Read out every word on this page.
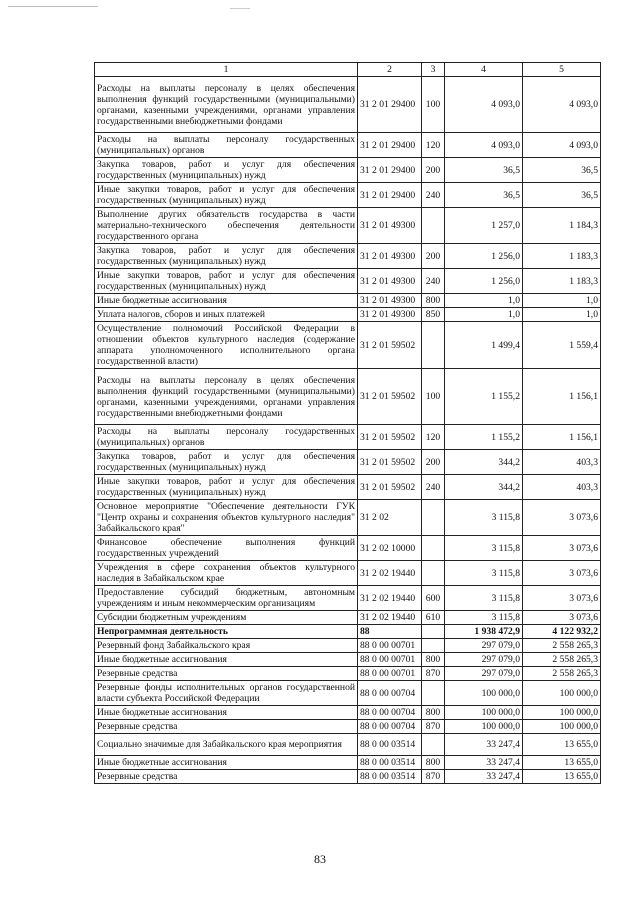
1	2	3	4	5
Расходы на выплаты персоналу в целях обеспечения выполнения функций государственными (муниципальными) органами, казенными учреждениями, органами управления государственными внебюджетными фондами	31 2 01 29400	100	4 093,0	4 093,0
Расходы на выплаты персоналу государственных (муниципальных) органов	31 2 01 29400	120	4 093,0	4 093,0
Закупка товаров, работ и услуг для обеспечения государственных (муниципальных) нужд	31 2 01 29400	200	36,5	36,5
Иные закупки товаров, работ и услуг для обеспечения государственных (муниципальных) нужд	31 2 01 29400	240	36,5	36,5
Выполнение других обязательств государства в части материально-технического обеспечения деятельности государственного органа	31 2 01 49300		1 257,0	1 184,3
Закупка товаров, работ и услуг для обеспечения государственных (муниципальных) нужд	31 2 01 49300	200	1 256,0	1 183,3
Иные закупки товаров, работ и услуг для обеспечения государственных (муниципальных) нужд	31 2 01 49300	240	1 256,0	1 183,3
Иные бюджетные ассигнования	31 2 01 49300	800	1,0	1,0
Уплата налогов, сборов и иных платежей	31 2 01 49300	850	1,0	1,0
Осуществление полномочий Российской Федерации в отношении объектов культурного наследия (содержание аппарата уполномоченного исполнительного органа государственной власти)	31 2 01 59502		1 499,4	1 559,4
Расходы на выплаты персоналу в целях обеспечения выполнения функций государственными (муниципальными) органами, казенными учреждениями, органами управления государственными внебюджетными фондами	31 2 01 59502	100	1 155,2	1 156,1
Расходы на выплаты персоналу государственных (муниципальных) органов	31 2 01 59502	120	1 155,2	1 156,1
Закупка товаров, работ и услуг для обеспечения государственных (муниципальных) нужд	31 2 01 59502	200	344,2	403,3
Иные закупки товаров, работ и услуг для обеспечения государственных (муниципальных) нужд	31 2 01 59502	240	344,2	403,3
Основное мероприятие "Обеспечение деятельности ГУК "Центр охраны и сохранения объектов культурного наследия" Забайкальского края"	31 2 02		3 115,8	3 073,6
Финансовое обеспечение выполнения функций государственных учреждений	31 2 02 10000		3 115,8	3 073,6
Учреждения в сфере сохранения объектов культурного наследия в Забайкальском крае	31 2 02 19440		3 115,8	3 073,6
Предоставление субсидий бюджетным, автономным учреждениям и иным некоммерческим организациям	31 2 02 19440	600	3 115,8	3 073,6
Субсидии бюджетным учреждениям	31 2 02 19440	610	3 115,8	3 073,6
Непрограммная деятельность	88		1 938 472,9	4 122 932,2
Резервный фонд Забайкальского края	88 0 00 00701		297 079,0	2 558 265,3
Иные бюджетные ассигнования	88 0 00 00701	800	297 079,0	2 558 265,3
Резервные средства	88 0 00 00701	870	297 079,0	2 558 265,3
Резервные фонды исполнительных органов государственной власти субъекта Российской Федерации	88 0 00 00704		100 000,0	100 000,0
Иные бюджетные ассигнования	88 0 00 00704	800	100 000,0	100 000,0
Резервные средства	88 0 00 00704	870	100 000,0	100 000,0
Социально значимые для Забайкальского края мероприятия	88 0 00 03514		33 247,4	13 655,0
Иные бюджетные ассигнования	88 0 00 03514	800	33 247,4	13 655,0
Резервные средства	88 0 00 03514	870	33 247,4	13 655,0
83
